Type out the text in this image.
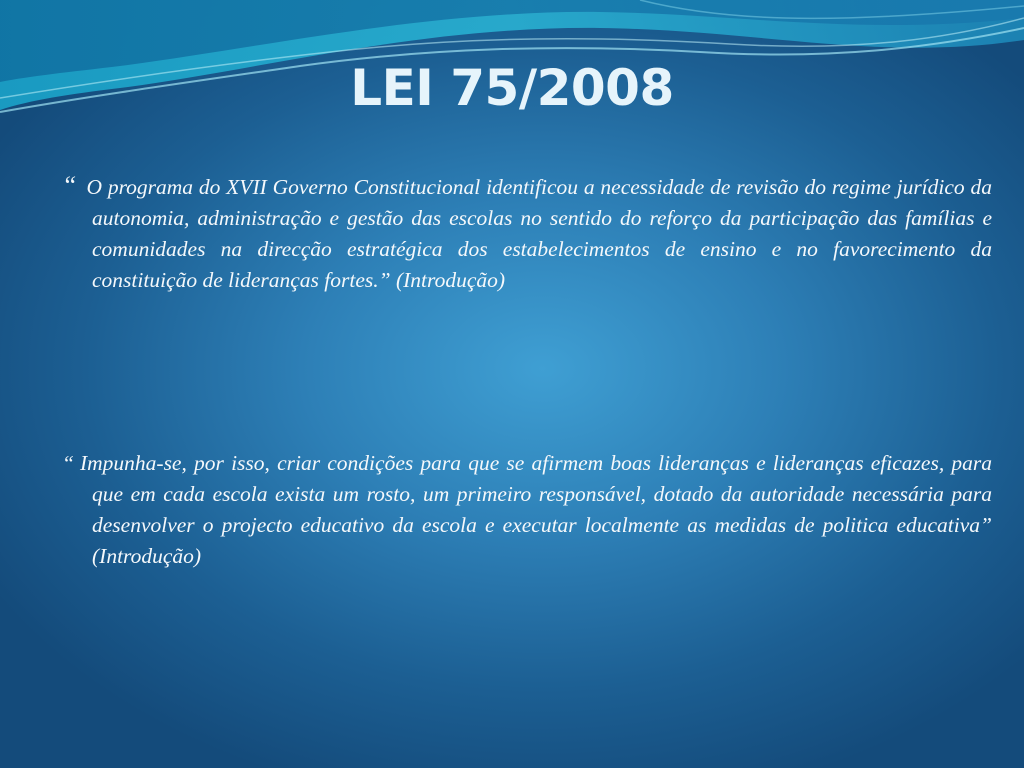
LEI 75/2008

“ O programa do XVII Governo Constitucional identificou a necessidade de revisão do regime jurídico da autonomia, administração e gestão das escolas no sentido do reforço da participação das famílias e comunidades na direcção estratégica dos estabelecimentos de ensino e no favorecimento da constituição de lideranças fortes.” (Introdução)

“ Impunha-se, por isso, criar condições para que se afirmem boas lideranças e lideranças eficazes, para que em cada escola exista um rosto, um primeiro responsável, dotado da autoridade necessária para desenvolver o projecto educativo da escola e executar localmente as medidas de politica educativa” (Introdução)
